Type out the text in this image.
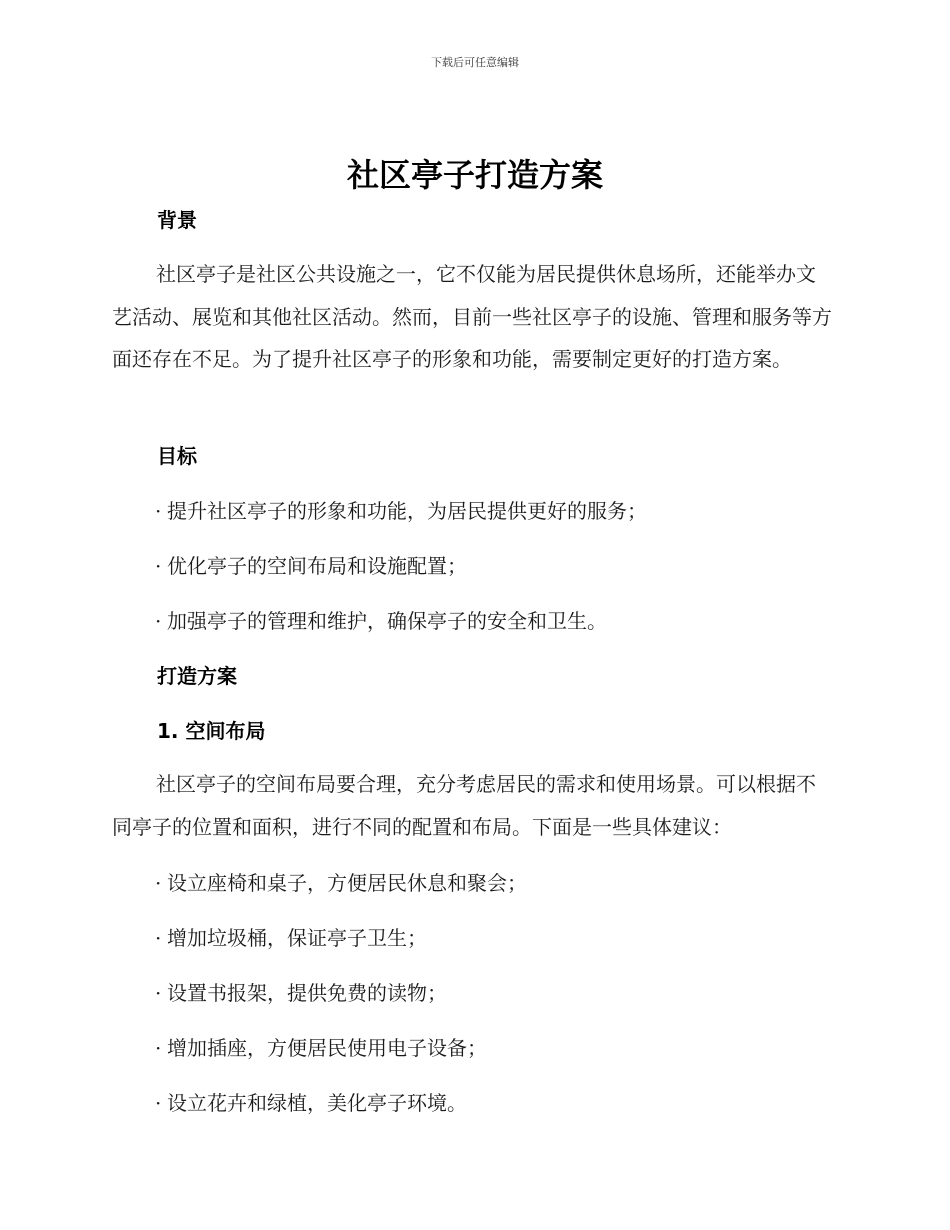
下载后可任意编辑
社区亭子打造方案
背景

社区亭子是社区公共设施之一，它不仅能为居民提供休息场所，还能举办文艺活动、展览和其他社区活动。然而，目前一些社区亭子的设施、管理和服务等方面还存在不足。为了提升社区亭子的形象和功能，需要制定更好的打造方案。

目标
· 提升社区亭子的形象和功能，为居民提供更好的服务；
· 优化亭子的空间布局和设施配置；
· 加强亭子的管理和维护，确保亭子的安全和卫生。
打造方案
1. 空间布局

社区亭子的空间布局要合理，充分考虑居民的需求和使用场景。可以根据不同亭子的位置和面积，进行不同的配置和布局。下面是一些具体建议：

· 设立座椅和桌子，方便居民休息和聚会；
· 增加垃圾桶，保证亭子卫生；
· 设置书报架，提供免费的读物；
· 增加插座，方便居民使用电子设备；
· 设立花卉和绿植，美化亭子环境。
